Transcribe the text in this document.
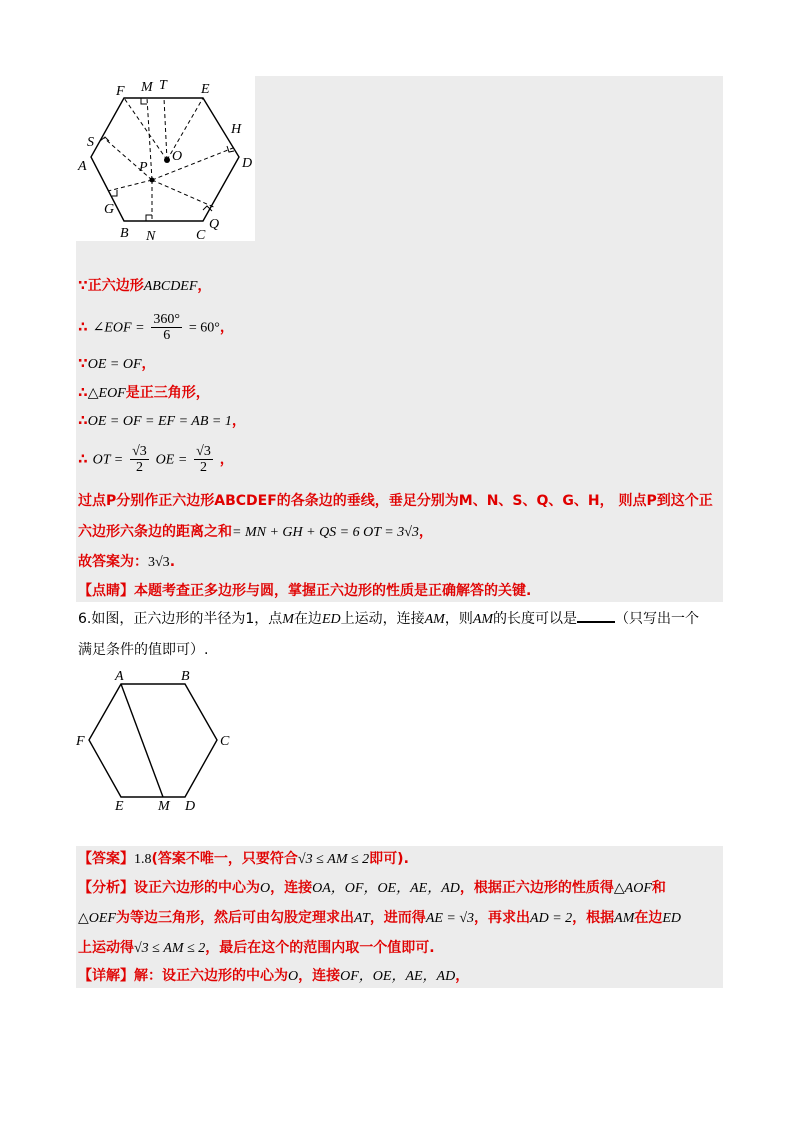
F M T E
S
H
A	P
O	D
G
Q
B N	C
∵正六边形ABCDEF，
∴ ∠EOF = $\frac{360^\circ}{6} = 60^\circ$，
∵OE = OF，
∴△EOF是正三角形，
∴OE = OF = EF = AB = 1，
∴ OT = $\frac{√3}{2}$ OE = $\frac{√3}{2}$ ，
过点P分别作正六边形ABCDEF的各条边的垂线，垂足分别为M、N、S、Q、G、H， 则点P到这个正
六边形六条边的距离之和= MN + GH + QS = 6 OT = 3√3，
故答案为：3√3.
【点睛】本题考查正多边形与圆，掌握正六边形的性质是正确解答的关键.
6.如图，正六边形的半径为1，点M在边ED上运动，连接AM，则AM的长度可以是	（只写出一个
满足条件的值即可）.
A	B
C
D
E
F
M
【答案】1.8(答案不唯一，只要符合√3 ≤ AM ≤ 2即可).
【分析】设正六边形的中心为O，连接OA，OF，OE，AE，AD，根据正六边形的性质得△AOF和
△OEF为等边三角形，然后可由勾股定理求出AT，进而得AE = √3，再求出AD = 2，根据AM在边ED
上运动得√3 ≤ AM ≤ 2，最后在这个的范围内取一个值即可.
【详解】解：设正六边形的中心为O，连接OF，OE，AE，AD，
